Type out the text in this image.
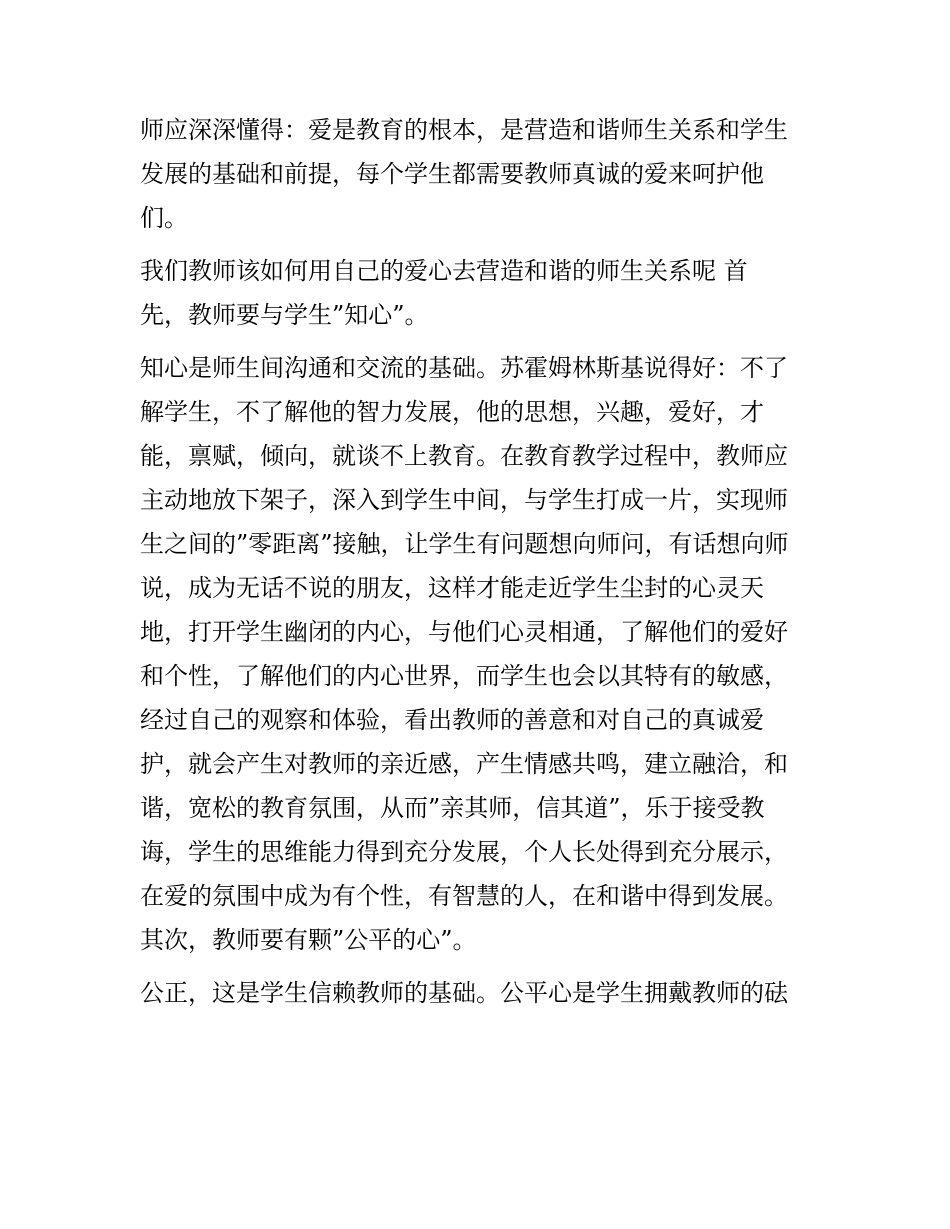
师应深深懂得：爱是教育的根本，是营造和谐师生关系和学生
发展的基础和前提，每个学生都需要教师真诚的爱来呵护他
们。

我们教师该如何用自己的爱心去营造和谐的师生关系呢 首
先，教师要与学生”知心”。

知心是师生间沟通和交流的基础。苏霍姆林斯基说得好：不了
解学生，不了解他的智力发展，他的思想，兴趣，爱好，才
能，禀赋，倾向，就谈不上教育。在教育教学过程中，教师应
主动地放下架子，深入到学生中间，与学生打成一片，实现师
生之间的”零距离”接触，让学生有问题想向师问，有话想向师
说，成为无话不说的朋友，这样才能走近学生尘封的心灵天
地，打开学生幽闭的内心，与他们心灵相通，了解他们的爱好
和个性，了解他们的内心世界，而学生也会以其特有的敏感，
经过自己的观察和体验，看出教师的善意和对自己的真诚爱
护，就会产生对教师的亲近感，产生情感共鸣，建立融洽，和
谐，宽松的教育氛围，从而”亲其师，信其道”，乐于接受教
诲，学生的思维能力得到充分发展，个人长处得到充分展示，
在爱的氛围中成为有个性，有智慧的人，在和谐中得到发展。
其次，教师要有颗”公平的心”。

公正，这是学生信赖教师的基础。公平心是学生拥戴教师的砝
